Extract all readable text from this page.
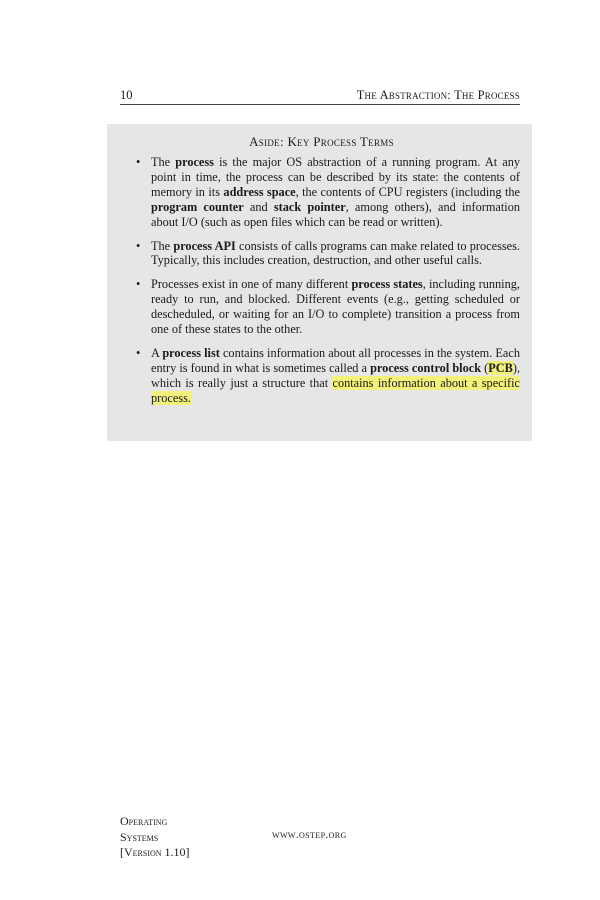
10	The Abstraction: The Process
Aside: Key Process Terms
• The process is the major OS abstraction of a running program. At any point in time, the process can be described by its state: the contents of memory in its address space, the contents of CPU registers (including the program counter and stack pointer, among others), and information about I/O (such as open files which can be read or written).
• The process API consists of calls programs can make related to processes. Typically, this includes creation, destruction, and other useful calls.
• Processes exist in one of many different process states, including running, ready to run, and blocked. Different events (e.g., getting scheduled or descheduled, or waiting for an I/O to complete) transition a process from one of these states to the other.
• A process list contains information about all processes in the system. Each entry is found in what is sometimes called a process control block (PCB), which is really just a structure that contains information about a specific process.
Operating
Systems
[Version 1.10]
www.ostep.org
